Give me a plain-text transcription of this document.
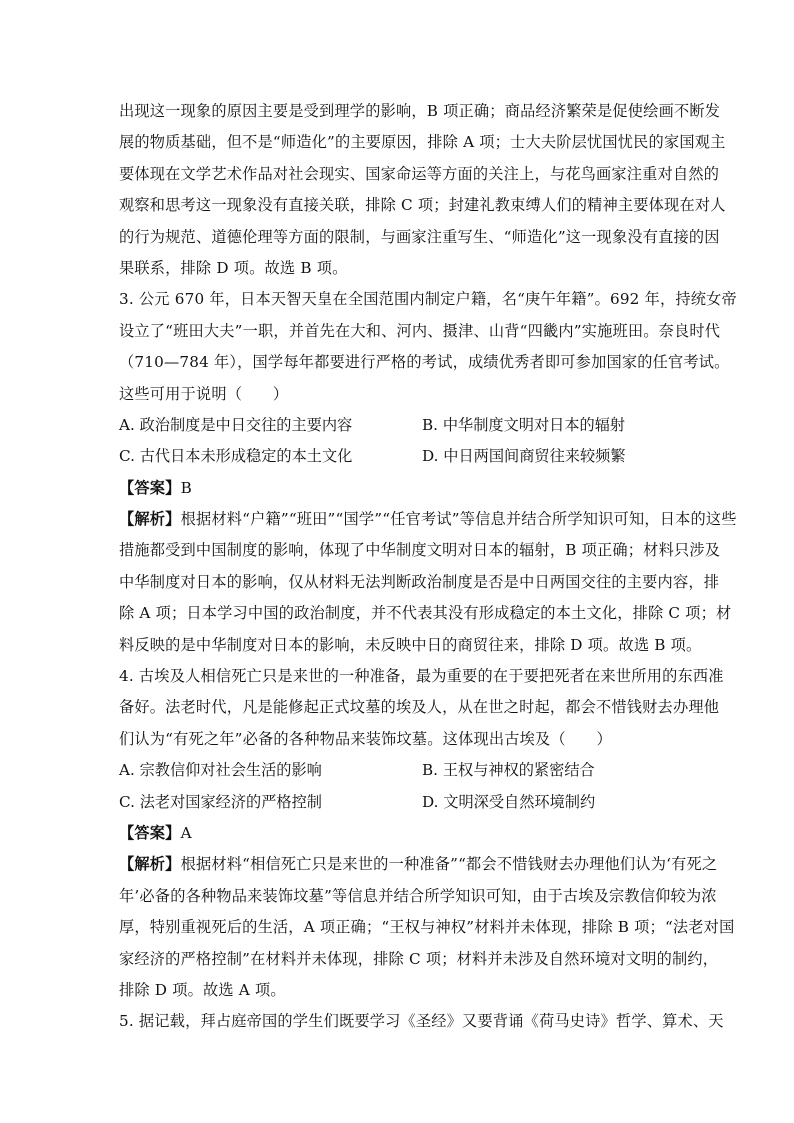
出现这一现象的原因主要是受到理学的影响，B 项正确；商品经济繁荣是促使绘画不断发
展的物质基础，但不是“师造化”的主要原因，排除 A 项；士大夫阶层忧国忧民的家国观主
要体现在文学艺术作品对社会现实、国家命运等方面的关注上，与花鸟画家注重对自然的
观察和思考这一现象没有直接关联，排除 C 项；封建礼教束缚人们的精神主要体现在对人
的行为规范、道德伦理等方面的限制，与画家注重写生、“师造化”这一现象没有直接的因
果联系，排除 D 项。故选 B 项。
3. 公元 670 年，日本天智天皇在全国范围内制定户籍，名“庚午年籍”。692 年，持统女帝
设立了“班田大夫”一职，并首先在大和、河内、摄津、山背“四畿内”实施班田。奈良时代
（710—784 年），国学每年都要进行严格的考试，成绩优秀者即可参加国家的任官考试。
这些可用于说明（　　）
A. 政治制度是中日交往的主要内容	B. 中华制度文明对日本的辐射
C. 古代日本未形成稳定的本土文化	D. 中日两国间商贸往来较频繁
【答案】B
【解析】根据材料“户籍”“班田”“国学”“任官考试”等信息并结合所学知识可知，日本的这些
措施都受到中国制度的影响，体现了中华制度文明对日本的辐射，B 项正确；材料只涉及
中华制度对日本的影响，仅从材料无法判断政治制度是否是中日两国交往的主要内容，排
除 A 项；日本学习中国的政治制度，并不代表其没有形成稳定的本土文化，排除 C 项；材
料反映的是中华制度对日本的影响，未反映中日的商贸往来，排除 D 项。故选 B 项。
4. 古埃及人相信死亡只是来世的一种准备，最为重要的在于要把死者在来世所用的东西准
备好。法老时代，凡是能修起正式坟墓的埃及人，从在世之时起，都会不惜钱财去办理他
们认为“有死之年”必备的各种物品来装饰坟墓。这体现出古埃及（　　）
A. 宗教信仰对社会生活的影响	B. 王权与神权的紧密结合
C. 法老对国家经济的严格控制	D. 文明深受自然环境制约
【答案】A
【解析】根据材料“相信死亡只是来世的一种准备”“都会不惜钱财去办理他们认为‘有死之
年’必备的各种物品来装饰坟墓”等信息并结合所学知识可知，由于古埃及宗教信仰较为浓
厚，特别重视死后的生活，A 项正确；“王权与神权”材料并未体现，排除 B 项；“法老对国
家经济的严格控制”在材料并未体现，排除 C 项；材料并未涉及自然环境对文明的制约，
排除 D 项。故选 A 项。
5. 据记载，拜占庭帝国的学生们既要学习《圣经》又要背诵《荷马史诗》哲学、算术、天
